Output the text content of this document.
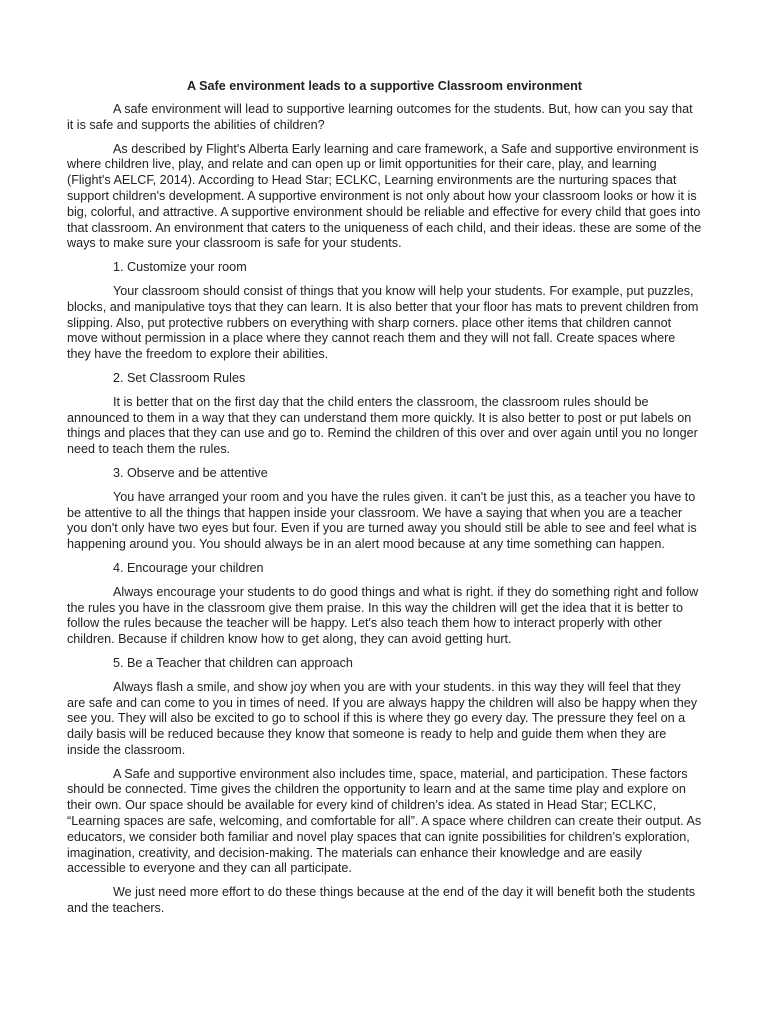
A Safe environment leads to a supportive Classroom environment

A safe environment will lead to supportive learning outcomes for the students. But, how can you say that it is safe and supports the abilities of children?

As described by Flight's Alberta Early learning and care framework, a Safe and supportive environment is where children live, play, and relate and can open up or limit opportunities for their care, play, and learning (Flight's AELCF, 2014). According to Head Star; ECLKC, Learning environments are the nurturing spaces that support children's development. A supportive environment is not only about how your classroom looks or how it is big, colorful, and attractive. A supportive environment should be reliable and effective for every child that goes into that classroom. An environment that caters to the uniqueness of each child, and their ideas. these are some of the ways to make sure your classroom is safe for your students.

1. Customize your room

Your classroom should consist of things that you know will help your students. For example, put puzzles, blocks, and manipulative toys that they can learn. It is also better that your floor has mats to prevent children from slipping. Also, put protective rubbers on everything with sharp corners. place other items that children cannot move without permission in a place where they cannot reach them and they will not fall. Create spaces where they have the freedom to explore their abilities.

2. Set Classroom Rules

It is better that on the first day that the child enters the classroom, the classroom rules should be announced to them in a way that they can understand them more quickly. It is also better to post or put labels on things and places that they can use and go to. Remind the children of this over and over again until you no longer need to teach them the rules.

3. Observe and be attentive

You have arranged your room and you have the rules given. it can't be just this, as a teacher you have to be attentive to all the things that happen inside your classroom. We have a saying that when you are a teacher you don't only have two eyes but four. Even if you are turned away you should still be able to see and feel what is happening around you. You should always be in an alert mood because at any time something can happen.

4. Encourage your children

Always encourage your students to do good things and what is right. if they do something right and follow the rules you have in the classroom give them praise. In this way the children will get the idea that it is better to follow the rules because the teacher will be happy. Let's also teach them how to interact properly with other children. Because if children know how to get along, they can avoid getting hurt.

5. Be a Teacher that children can approach

Always flash a smile, and show joy when you are with your students. in this way they will feel that they are safe and can come to you in times of need. If you are always happy the children will also be happy when they see you. They will also be excited to go to school if this is where they go every day. The pressure they feel on a daily basis will be reduced because they know that someone is ready to help and guide them when they are inside the classroom.

A Safe and supportive environment also includes time, space, material, and participation. These factors should be connected. Time gives the children the opportunity to learn and at the same time play and explore on their own. Our space should be available for every kind of children’s idea. As stated in Head Star; ECLKC, “Learning spaces are safe, welcoming, and comfortable for all”. A space where children can create their output. As educators, we consider both familiar and novel play spaces that can ignite possibilities for children’s exploration, imagination, creativity, and decision-making. The materials can enhance their knowledge and are easily accessible to everyone and they can all participate.

We just need more effort to do these things because at the end of the day it will benefit both the students and the teachers.
